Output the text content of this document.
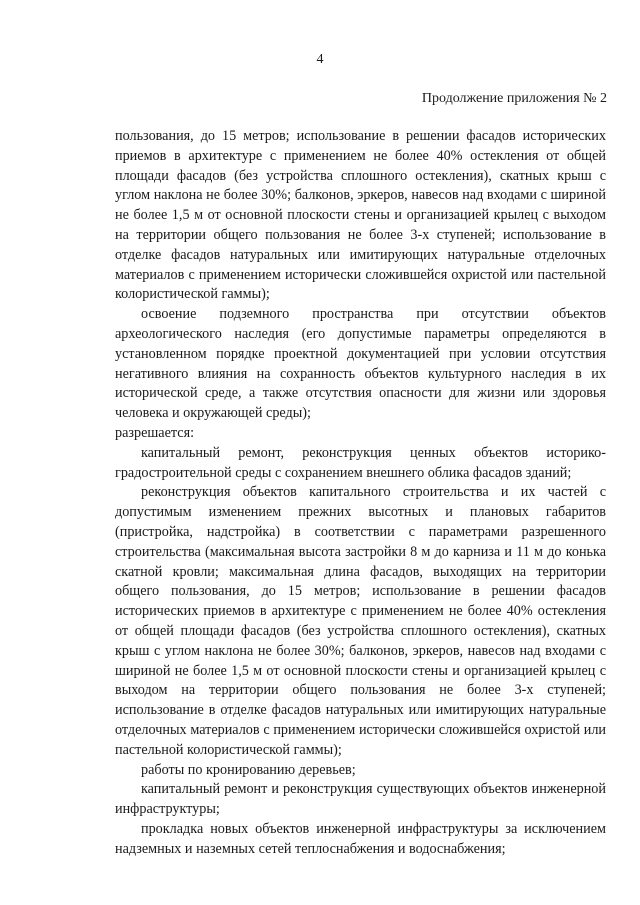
4
Продолжение приложения № 2

пользования, до 15 метров; использование в решении фасадов исторических приемов в архитектуре с применением не более 40% остекления от общей площади фасадов (без устройства сплошного остекления), скатных крыш с углом наклона не более 30%; балконов, эркеров, навесов над входами с шириной не более 1,5 м от основной плоскости стены и организацией крылец с выходом на территории общего пользования не более 3-х ступеней; использование в отделке фасадов натуральных или имитирующих натуральные отделочных материалов с применением исторически сложившейся охристой или пастельной колористической гаммы);

освоение подземного пространства при отсутствии объектов археологического наследия (его допустимые параметры определяются в установленном порядке проектной документацией при условии отсутствия негативного влияния на сохранность объектов культурного наследия в их исторической среде, а также отсутствия опасности для жизни или здоровья человека и окружающей среды);

разрешается:

капитальный ремонт, реконструкция ценных объектов историко-градостроительной среды с сохранением внешнего облика фасадов зданий;

реконструкция объектов капитального строительства и их частей с допустимым изменением прежних высотных и плановых габаритов (пристройка, надстройка) в соответствии с параметрами разрешенного строительства (максимальная высота застройки 8 м до карниза и 11 м до конька скатной кровли; максимальная длина фасадов, выходящих на территории общего пользования, до 15 метров; использование в решении фасадов исторических приемов в архитектуре с применением не более 40% остекления от общей площади фасадов (без устройства сплошного остекления), скатных крыш с углом наклона не более 30%; балконов, эркеров, навесов над входами с шириной не более 1,5 м от основной плоскости стены и организацией крылец с выходом на территории общего пользования не более 3-х ступеней; использование в отделке фасадов натуральных или имитирующих натуральные отделочных материалов с применением исторически сложившейся охристой или пастельной колористической гаммы);

работы по кронированию деревьев;

капитальный ремонт и реконструкция существующих объектов инженерной инфраструктуры;

прокладка новых объектов инженерной инфраструктуры за исключением надземных и наземных сетей теплоснабжения и водоснабжения;
